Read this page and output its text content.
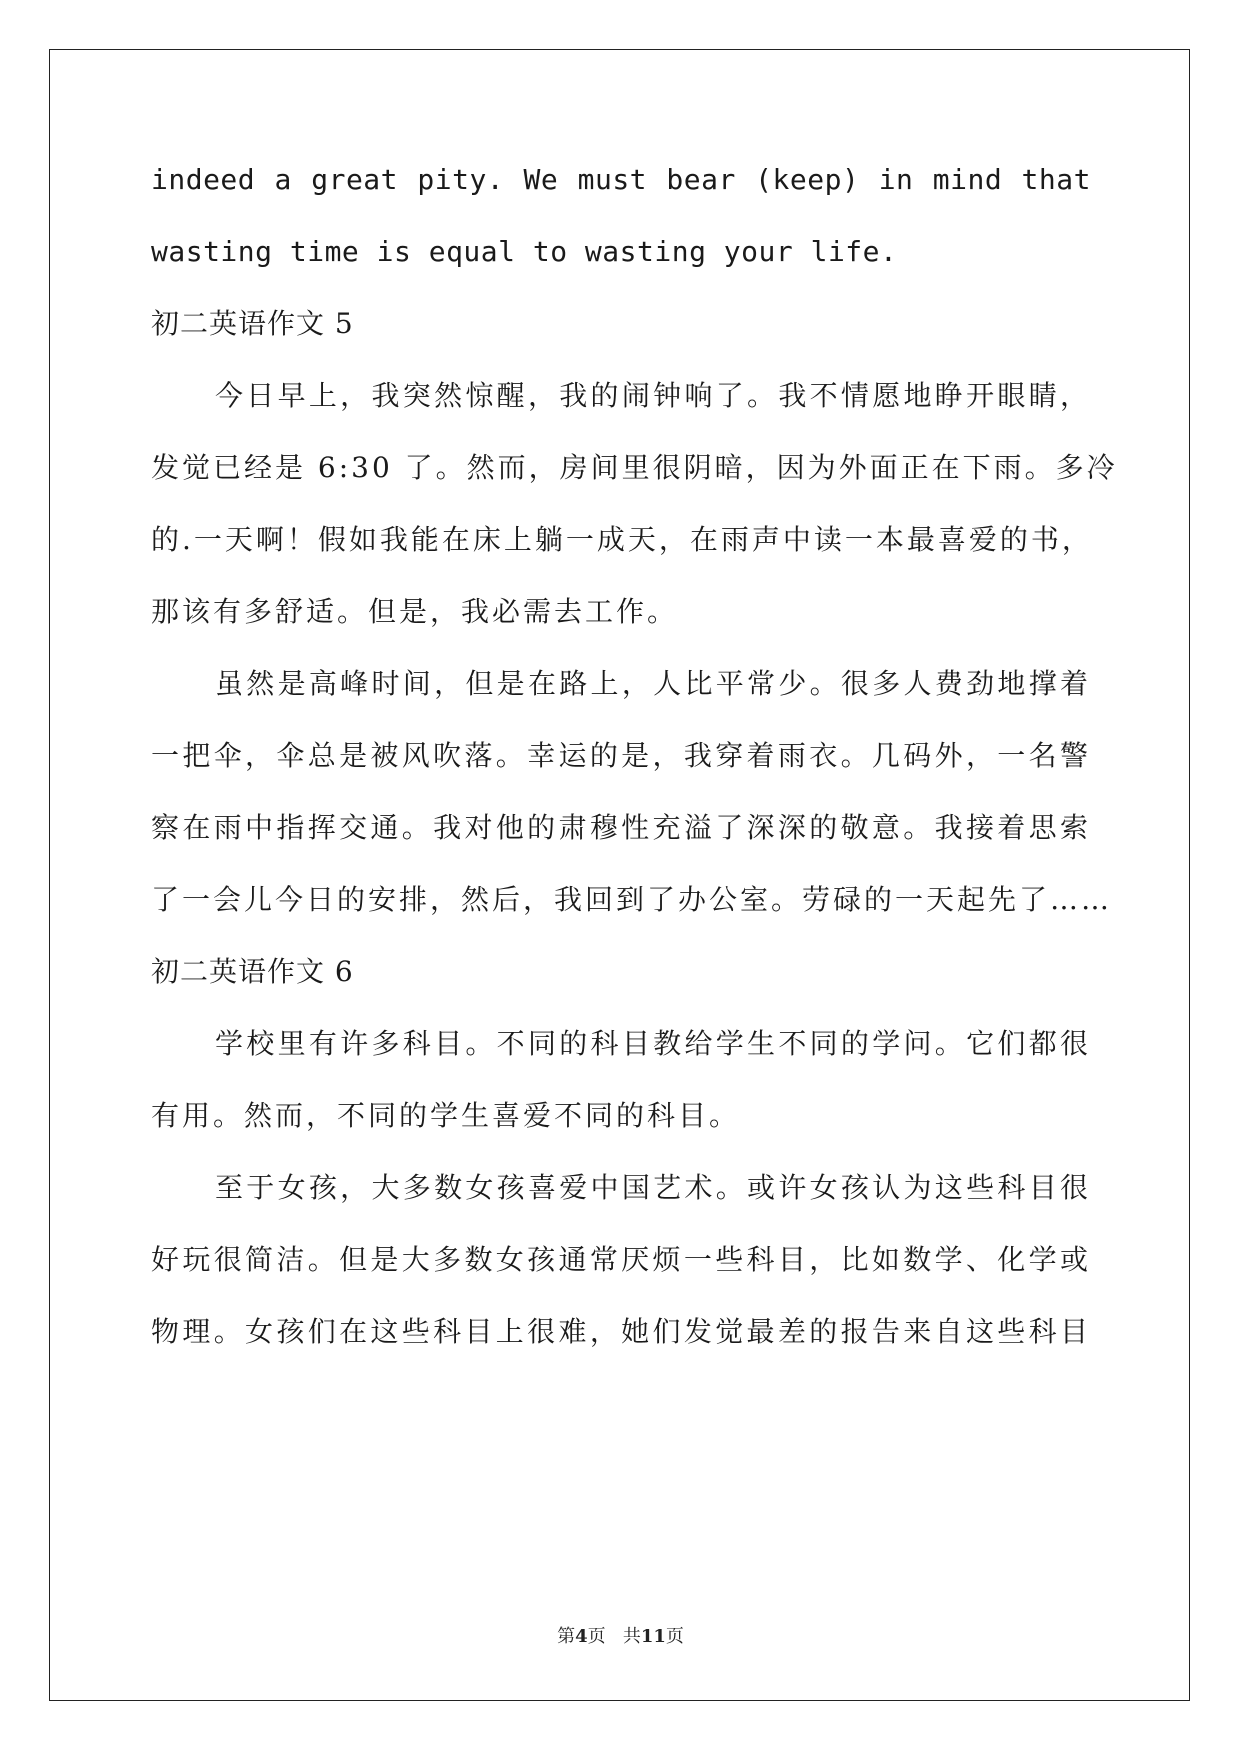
indeed a great pity. We must bear (keep) in mind that
wasting time is equal to wasting your life.
初二英语作文 5
今日早上，我突然惊醒，我的闹钟响了。我不情愿地睁开眼睛，
发觉已经是 6:30 了。然而，房间里很阴暗，因为外面正在下雨。多冷
的.一天啊！假如我能在床上躺一成天，在雨声中读一本最喜爱的书，
那该有多舒适。但是，我必需去工作。
虽然是高峰时间，但是在路上，人比平常少。很多人费劲地撑着
一把伞，伞总是被风吹落。幸运的是，我穿着雨衣。几码外，一名警
察在雨中指挥交通。我对他的肃穆性充溢了深深的敬意。我接着思索
了一会儿今日的安排，然后，我回到了办公室。劳碌的一天起先了……
初二英语作文 6
学校里有许多科目。不同的科目教给学生不同的学问。它们都很
有用。然而，不同的学生喜爱不同的科目。
至于女孩，大多数女孩喜爱中国艺术。或许女孩认为这些科目很
好玩很简洁。但是大多数女孩通常厌烦一些科目，比如数学、化学或
物理。女孩们在这些科目上很难，她们发觉最差的报告来自这些科目
第4页 共11页
